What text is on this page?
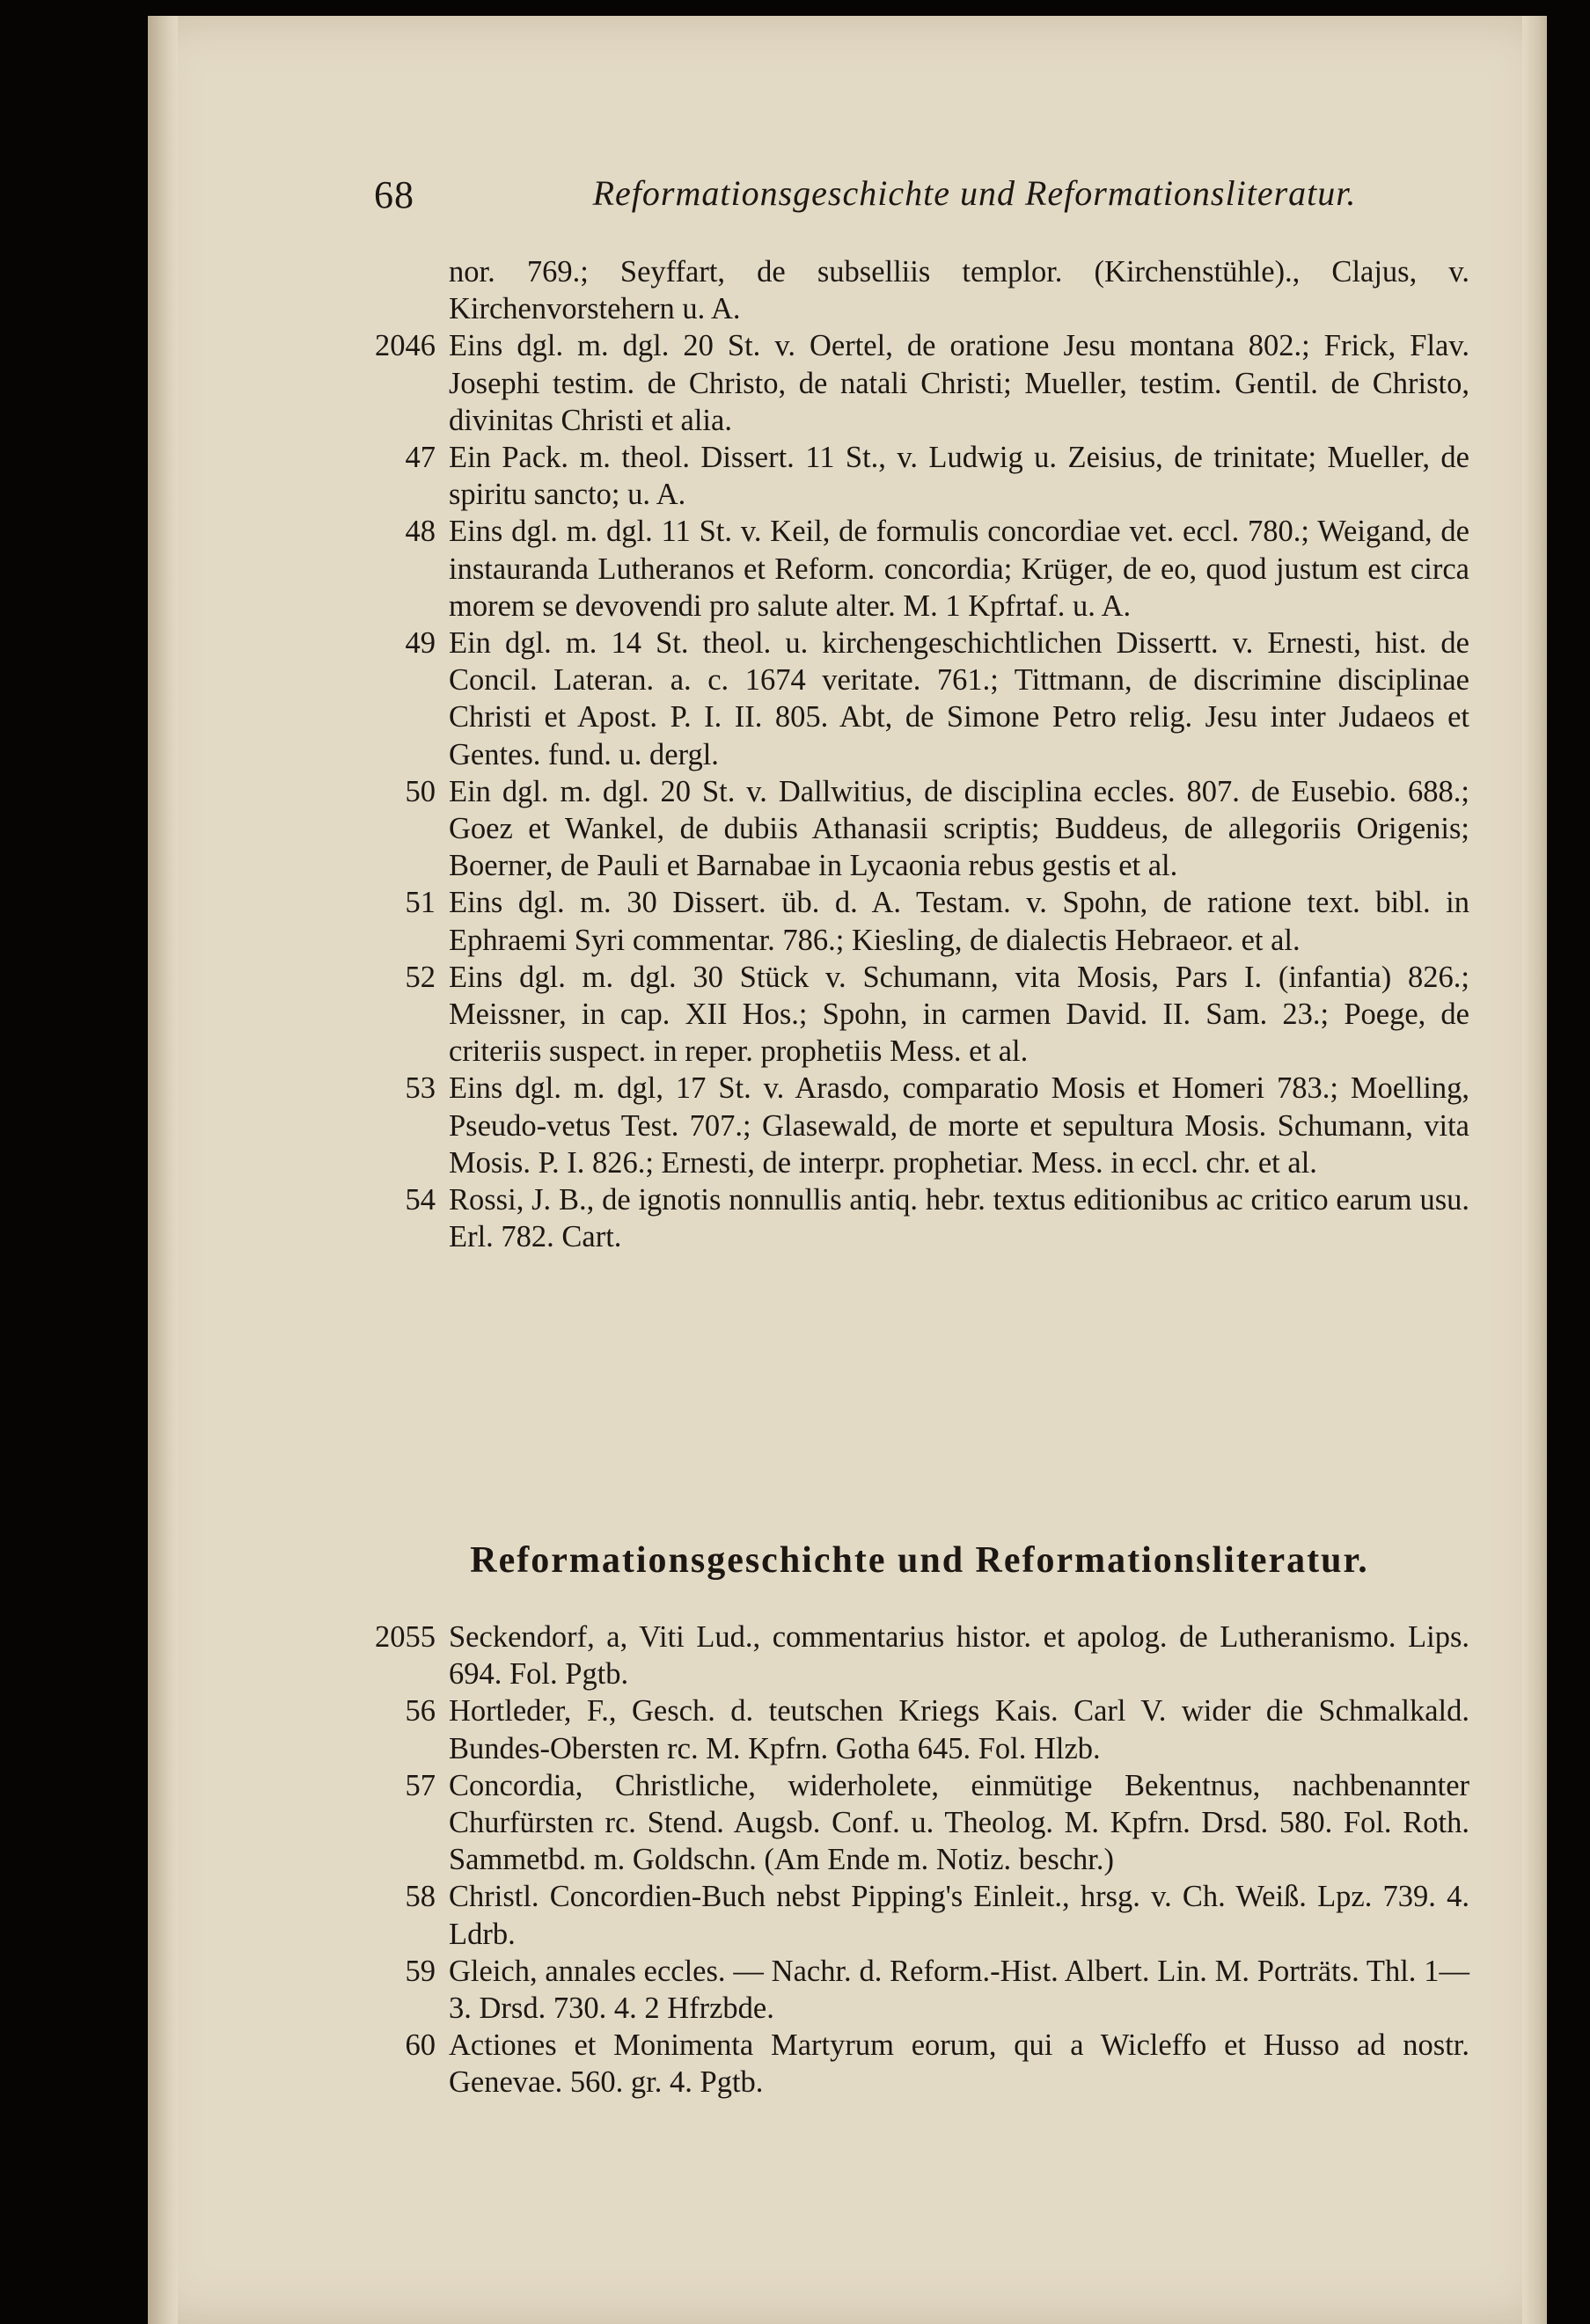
68	Reformationsgeschichte und Reformationsliteratur.
nor. 769.; Seyffart, de subselliis templor. (Kirchenstühle)., Clajus, v. Kirchenvorstehern u. A.
2046 Eins dgl. m. dgl. 20 St. v. Oertel, de oratione Jesu montana 802.; Frick, Flav. Josephi testim. de Christo, de natali Christi; Mueller, testim. Gentil. de Christo, divinitas Christi et alia.
47 Ein Pack. m. theol. Dissert. 11 St., v. Ludwig u. Zeisius, de trinitate; Mueller, de spiritu sancto; u. A.
48 Eins dgl. m. dgl. 11 St. v. Keil, de formulis concordiae vet. eccl. 780.; Weigand, de instauranda Lutheranos et Reform. concordia; Krüger, de eo, quod justum est circa morem se devovendi pro salute alter. M. 1 Kpfrtaf. u. A.
49 Ein dgl. m. 14 St. theol. u. kirchengeschichtlichen Dissertt. v. Ernesti, hist. de Concil. Lateran. a. c. 1674 veritate. 761.; Tittmann, de discrimine disciplinae Christi et Apost. P. I. II. 805. Abt, de Simone Petro relig. Jesu inter Judaeos et Gentes. fund. u. dergl.
50 Ein dgl. m. dgl. 20 St. v. Dallwitius, de disciplina eccles. 807. de Eusebio. 688.; Goez et Wankel, de dubiis Athanasii scriptis; Buddeus, de allegoriis Origenis; Boerner, de Pauli et Barnabae in Lycaonia rebus gestis et al.
51 Eins dgl. m. 30 Dissert. üb. d. A. Testam. v. Spohn, de ratione text. bibl. in Ephraemi Syri commentar. 786.; Kiesling, de dialectis Hebraeor. et al.
52 Eins dgl. m. dgl. 30 Stück v. Schumann, vita Mosis, Pars I. (infantia) 826.; Meissner, in cap. XII Hos.; Spohn, in carmen David. II. Sam. 23.; Poege, de criteriis suspect. in reper. prophetiis Mess. et al.
53 Eins dgl. m. dgl, 17 St. v. Arasdo, comparatio Mosis et Homeri 783.; Moelling, Pseudo-vetus Test. 707.; Glasewald, de morte et sepultura Mosis. Schumann, vita Mosis. P. I. 826.; Ernesti, de interpr. prophetiar. Mess. in eccl. chr. et al.
54 Rossi, J. B., de ignotis nonnullis antiq. hebr. textus editionibus ac critico earum usu. Erl. 782. Cart.
Reformationsgeschichte und Reformationsliteratur.
2055 Seckendorf, a, Viti Lud., commentarius histor. et apolog. de Lutheranismo. Lips. 694. Fol. Pgtb.
56 Hortleder, F., Gesch. d. teutschen Kriegs Kais. Carl V. wider die Schmalkald. Bundes-Obersten rc. M. Kpfrn. Gotha 645. Fol. Hlzb.
57 Concordia, Christliche, widerholete, einmütige Bekentnus, nachbenannter Churfürsten rc. Stend. Augsb. Conf. u. Theolog. M. Kpfrn. Drsd. 580. Fol. Roth. Sammetbd. m. Goldschn. (Am Ende m. Notiz. beschr.)
58 Christl. Concordien-Buch nebst Pipping's Einleit., hrsg. v. Ch. Weiß. Lpz. 739. 4. Ldrb.
59 Gleich, annales eccles. — Nachr. d. Reform.-Hist. Albert. Lin. M. Porträts. Thl. 1—3. Drsd. 730. 4. 2 Hfrzbde.
60 Actiones et Monimenta Martyrum eorum, qui a Wicleffo et Husso ad nostr. Genevae. 560. gr. 4. Pgtb.
